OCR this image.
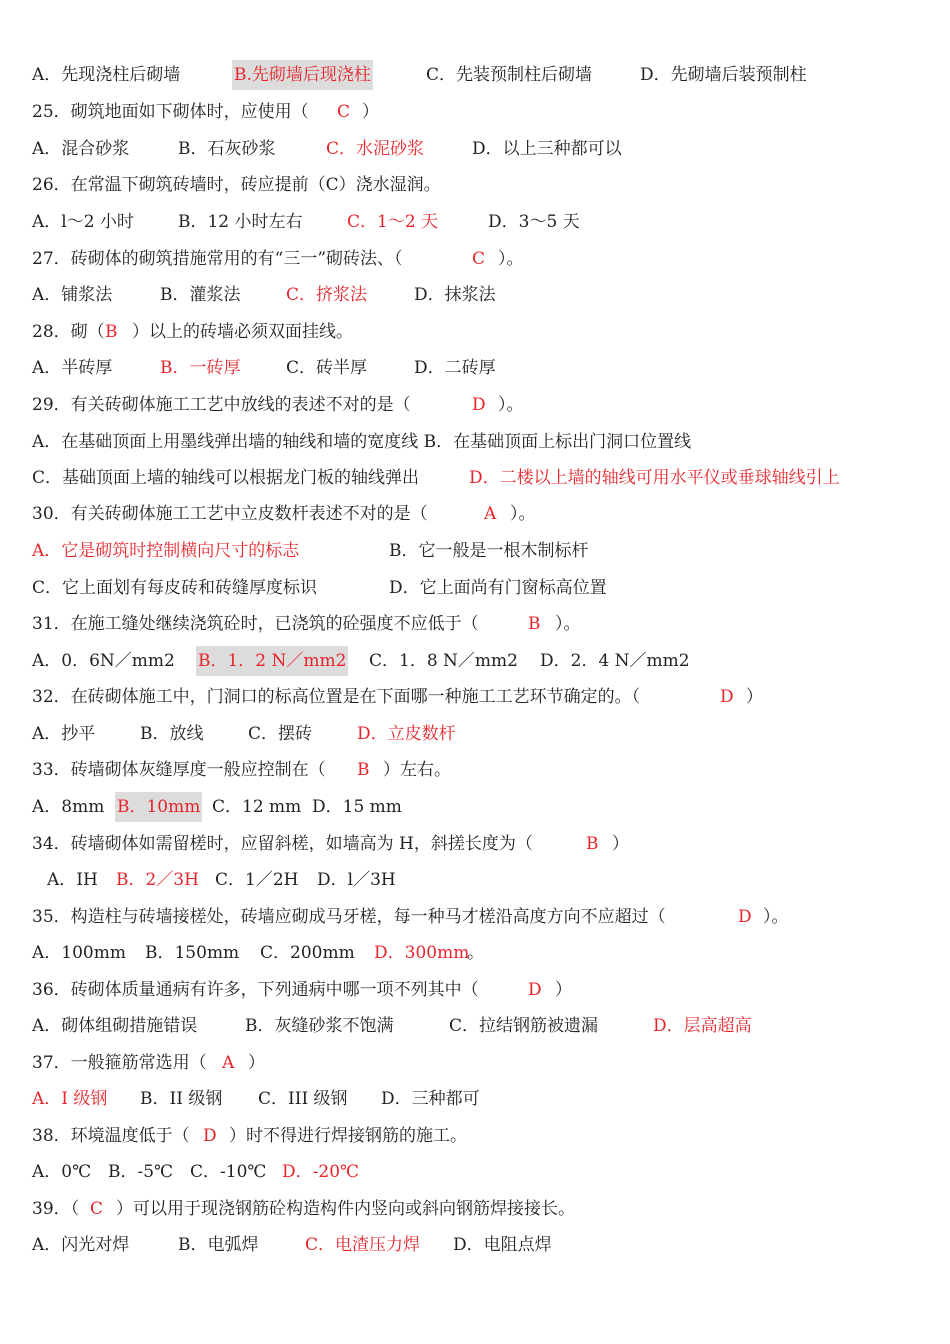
A．先现浇柱后砌墙	B.先砌墙后现浇柱	C．先装预制柱后砌墙	D．先砌墙后装预制柱
25．砌筑地面如下砌体时，应使用（ C ）
A．混合砂浆	B．石灰砂浆	C．水泥砂浆	D．以上三种都可以
26．在常温下砌筑砖墙时，砖应提前（C）浇水湿润。
A．l～2 小时	B．12 小时左右	C．1～2 天	D．3～5 天
27．砖砌体的砌筑措施常用的有“三一”砌砖法、（	C ）。
A．铺浆法	B．灌浆法	C．挤浆法	D．抹浆法
28．砌（ B ）以上的砖墙必须双面挂线。
A．半砖厚	B．一砖厚	C．砖半厚	D．二砖厚
29．有关砖砌体施工工艺中放线的表述不对的是（	D ）。
A．在基础顶面上用墨线弹出墙的轴线和墙的宽度线 B．在基础顶面上标出门洞口位置线
C．基础顶面上墙的轴线可以根据龙门板的轴线弹出	D．二楼以上墙的轴线可用水平仪或垂球轴线引上
30．有关砖砌体施工工艺中立皮数杆表述不对的是（	A ）。
A．它是砌筑时控制横向尺寸的标志	B．它一般是一根木制标杆
C．它上面划有每皮砖和砖缝厚度标识	D．它上面尚有门窗标高位置
31．在施工缝处继续浇筑砼时，已浇筑的砼强度不应低于（	B ）。
A．0．6N／mm2 B．1．2 N／mm2 C．1．8 N／mm2 D．2．4 N／mm2
32．在砖砌体施工中，门洞口的标高位置是在下面哪一种施工工艺环节确定的。（	D ）
A．抄平	B．放线	C．摆砖	D．立皮数杆
33．砖墙砌体灰缝厚度一般应控制在（ B ）左右。
A．8mm B．10mm C．12 mm D．15 mm
34．砖墙砌体如需留槎时，应留斜槎，如墙高为 H，斜搓长度为（	B ）
A．IH B．2／3H C．1／2H D．l／3H
35．构造柱与砖墙接槎处，砖墙应砌成马牙槎，每一种马才槎沿高度方向不应超过（	D ）。
A．100mm B．150mm C．200mm D．300mm
。
36．砖砌体质量通病有许多，下列通病中哪一项不列其中（	D ）
A．砌体组砌措施错误	B．灰缝砂浆不饱满	C．拉结钢筋被遗漏	D．层高超高
37．一般箍筋常选用（ A ）
A．I 级钢 B．II 级钢 C．III 级钢 D．三种都可
38．环境温度低于（ D ）时不得进行焊接钢筋的施工。
A．0℃ B．-5℃ C．-10℃ D．-20℃
39．（ C ）可以用于现浇钢筋砼构造构件内竖向或斜向钢筋焊接接长。
A．闪光对焊	B．电弧焊	C．电渣压力焊 D．电阻点焊
